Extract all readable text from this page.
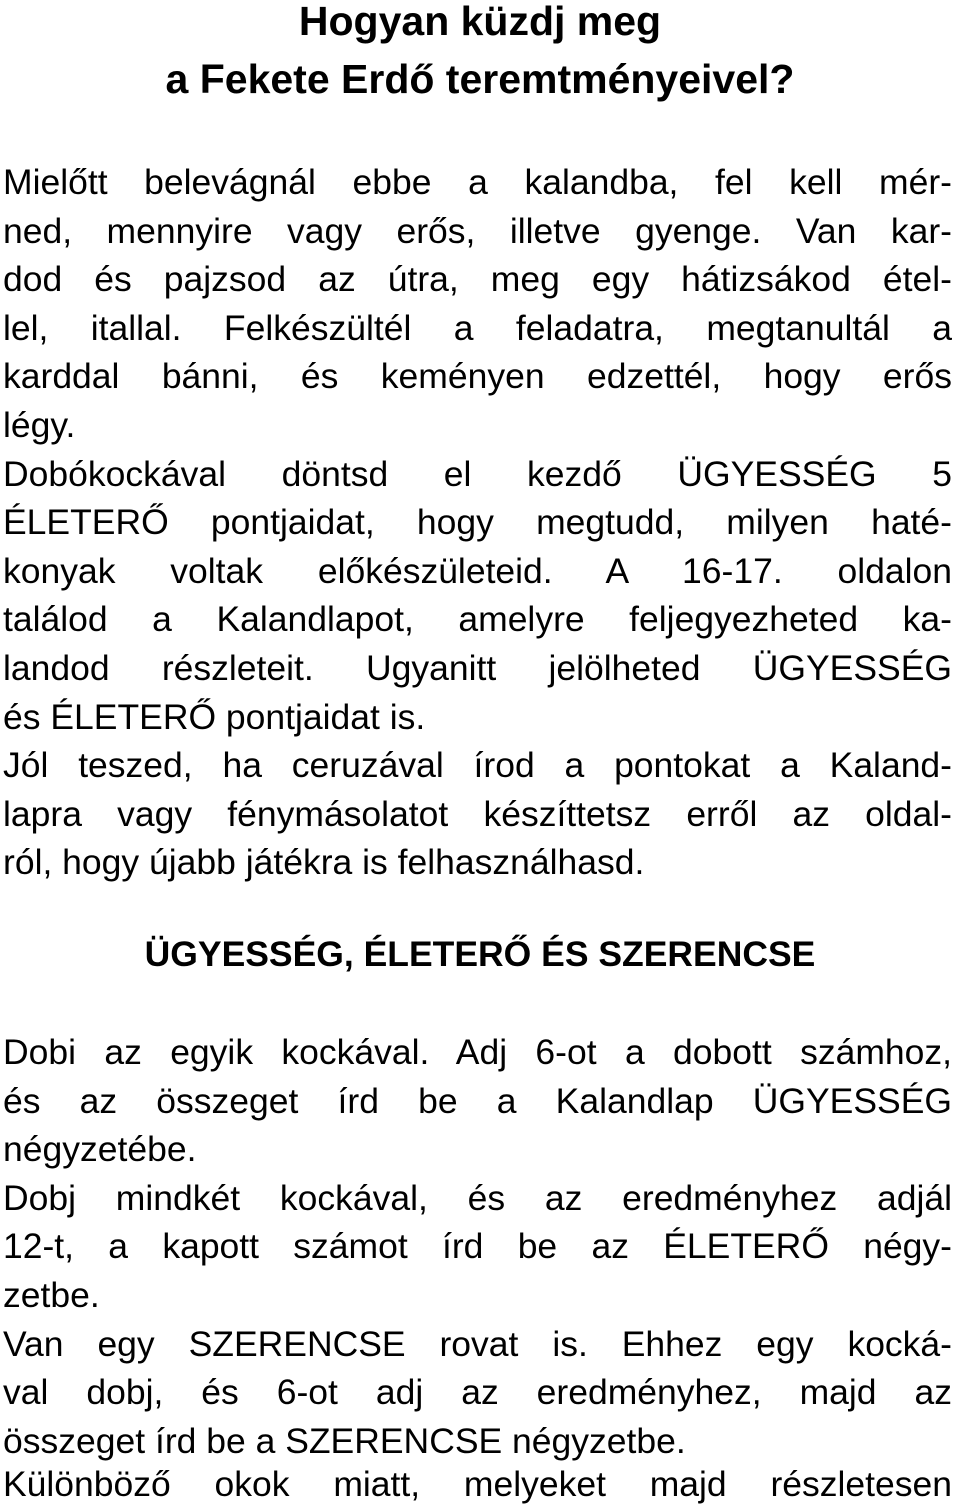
Hogyan küzdj meg
a Fekete Erdő teremtményeivel?
Mielőtt belevágnál ebbe a kalandba, fel kell mér-
ned, mennyire vagy erős, illetve gyenge. Van kar-
dod és pajzsod az útra, meg egy hátizsákod étel-
lel, itallal. Felkészültél a feladatra, megtanultál a
karddal bánni, és keményen edzettél, hogy erős
légy.
Dobókockával döntsd el kezdő ÜGYESSÉG 5
ÉLETERŐ pontjaidat, hogy megtudd, milyen haté-
konyak voltak előkészületeid. A 16-17. oldalon
találod a Kalandlapot, amelyre feljegyezheted ka-
landod részleteit. Ugyanitt jelölheted ÜGYESSÉG
és ÉLETERŐ pontjaidat is.
Jól teszed, ha ceruzával írod a pontokat a Kaland-
lapra vagy fénymásolatot készíttetsz erről az oldal-
ról, hogy újabb játékra is felhasználhasd.
ÜGYESSÉG, ÉLETERŐ ÉS SZERENCSE
Dobi az egyik kockával. Adj 6-ot a dobott számhoz,
és az összeget írd be a Kalandlap ÜGYESSÉG
négyzetébe.
Dobj mindkét kockával, és az eredményhez adjál
12-t, a kapott számot írd be az ÉLETERŐ négy-
zetbe.
Van egy SZERENCSE rovat is. Ehhez egy kocká-
val dobj, és 6-ot adj az eredményhez, majd az
összeget írd be a SZERENCSE négyzetbe.
Különböző okok miatt, melyeket majd részletesen
